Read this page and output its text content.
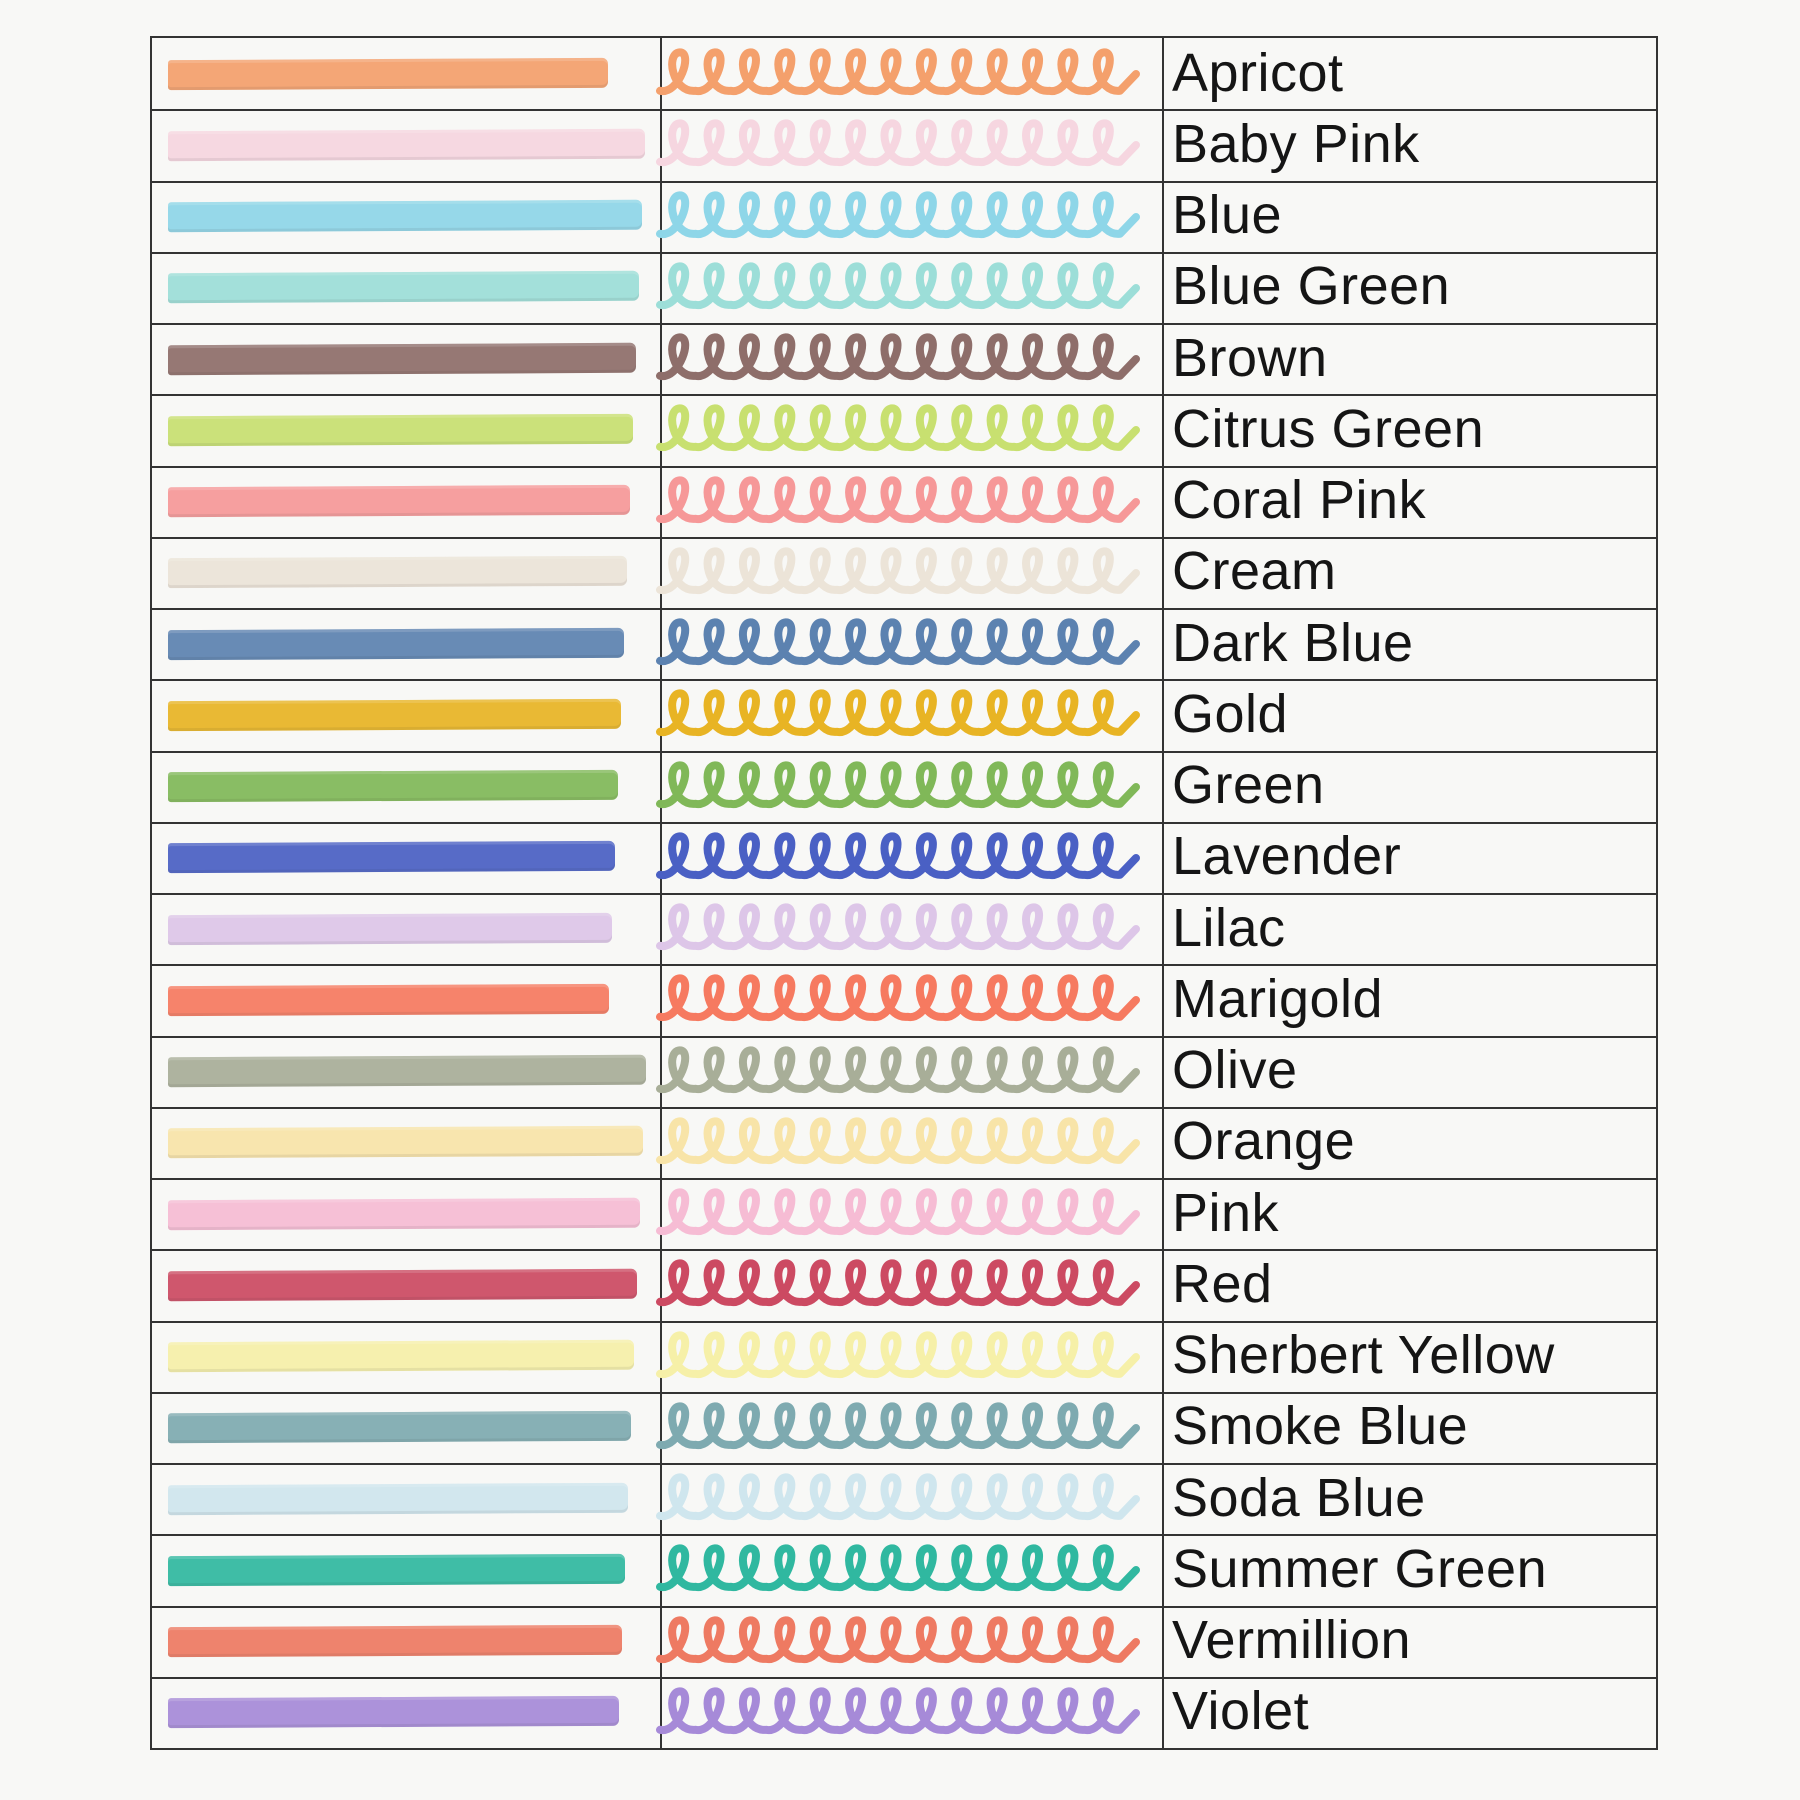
Apricot
Baby Pink
Blue
Blue Green
Brown
Citrus Green
Coral Pink
Cream
Dark Blue
Gold
Green
Lavender
Lilac
Marigold
Olive
Orange
Pink
Red
Sherbert Yellow
Smoke Blue
Soda Blue
Summer Green
Vermillion
Violet
